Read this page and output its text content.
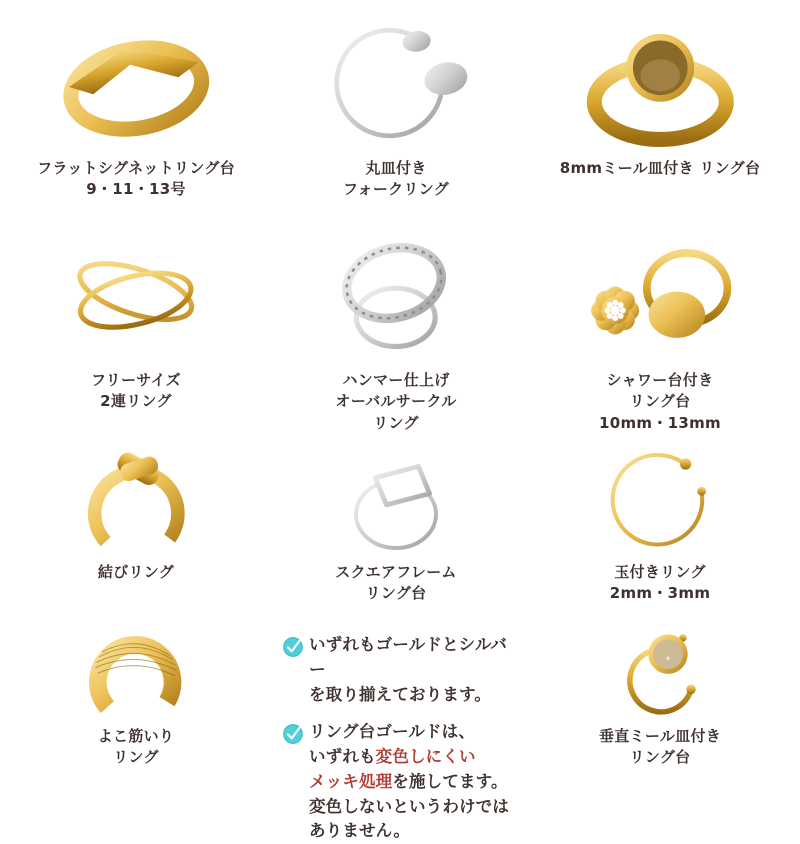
フラットシグネットリング台
9・11・13号
丸皿付き
フォークリング
8mmミール皿付き リング台
フリーサイズ
2連リング
ハンマー仕上げ
オーバルサークル
リング
シャワー台付き
リング台
10mm・13mm
結びリング	スクエアフレーム
リング台
玉付きリング
2mm・3mm
よこ筋いり
リング

いずれもゴールドとシルバー
を取り揃えております。

リング台ゴールドは、
いずれも変色しにくい
メッキ処理を施してます。
変色しないというわけでは
ありません。

垂直ミール皿付き
リング台
